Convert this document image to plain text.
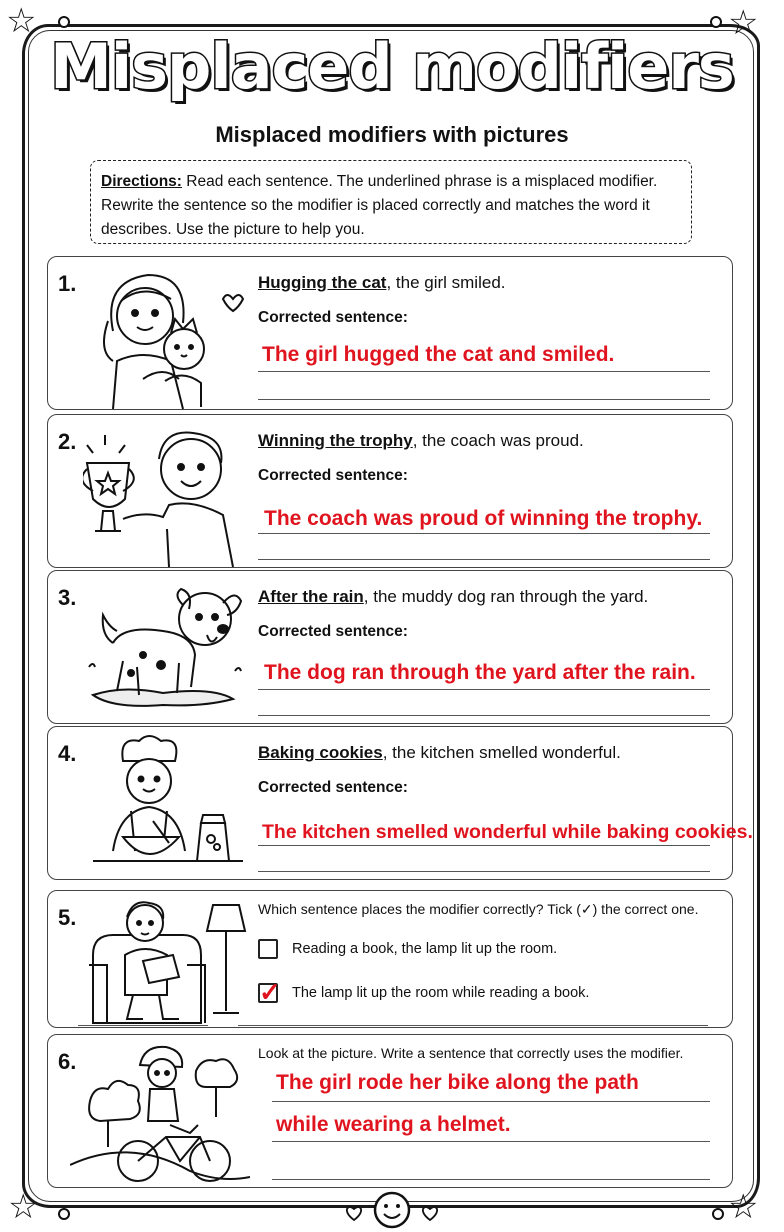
☆	☆
☆	☆
Misplaced modifiers
Misplaced modifiers with pictures
Directions: Read each sentence. The underlined phrase is a misplaced modifier. Rewrite the sentence so the modifier is placed correctly and matches the word it describes. Use the picture to help you.
1.	Hugging the cat, the girl smiled.
Corrected sentence:
The girl hugged the cat and smiled.
2.	Winning the trophy, the coach was proud.
Corrected sentence:
The coach was proud of winning the trophy.
3.	After the rain, the muddy dog ran through the yard.
Corrected sentence:
The dog ran through the yard after the rain.
4.	Baking cookies, the kitchen smelled wonderful.
Corrected sentence:
The kitchen smelled wonderful while baking cookies.
5.	Which sentence places the modifier correctly? Tick (✓) the correct one.
Reading a book, the lamp lit up the room.
✓ The lamp lit up the room while reading a book.
6.	Look at the picture. Write a sentence that correctly uses the modifier.
The girl rode her bike along the path
while wearing a helmet.
